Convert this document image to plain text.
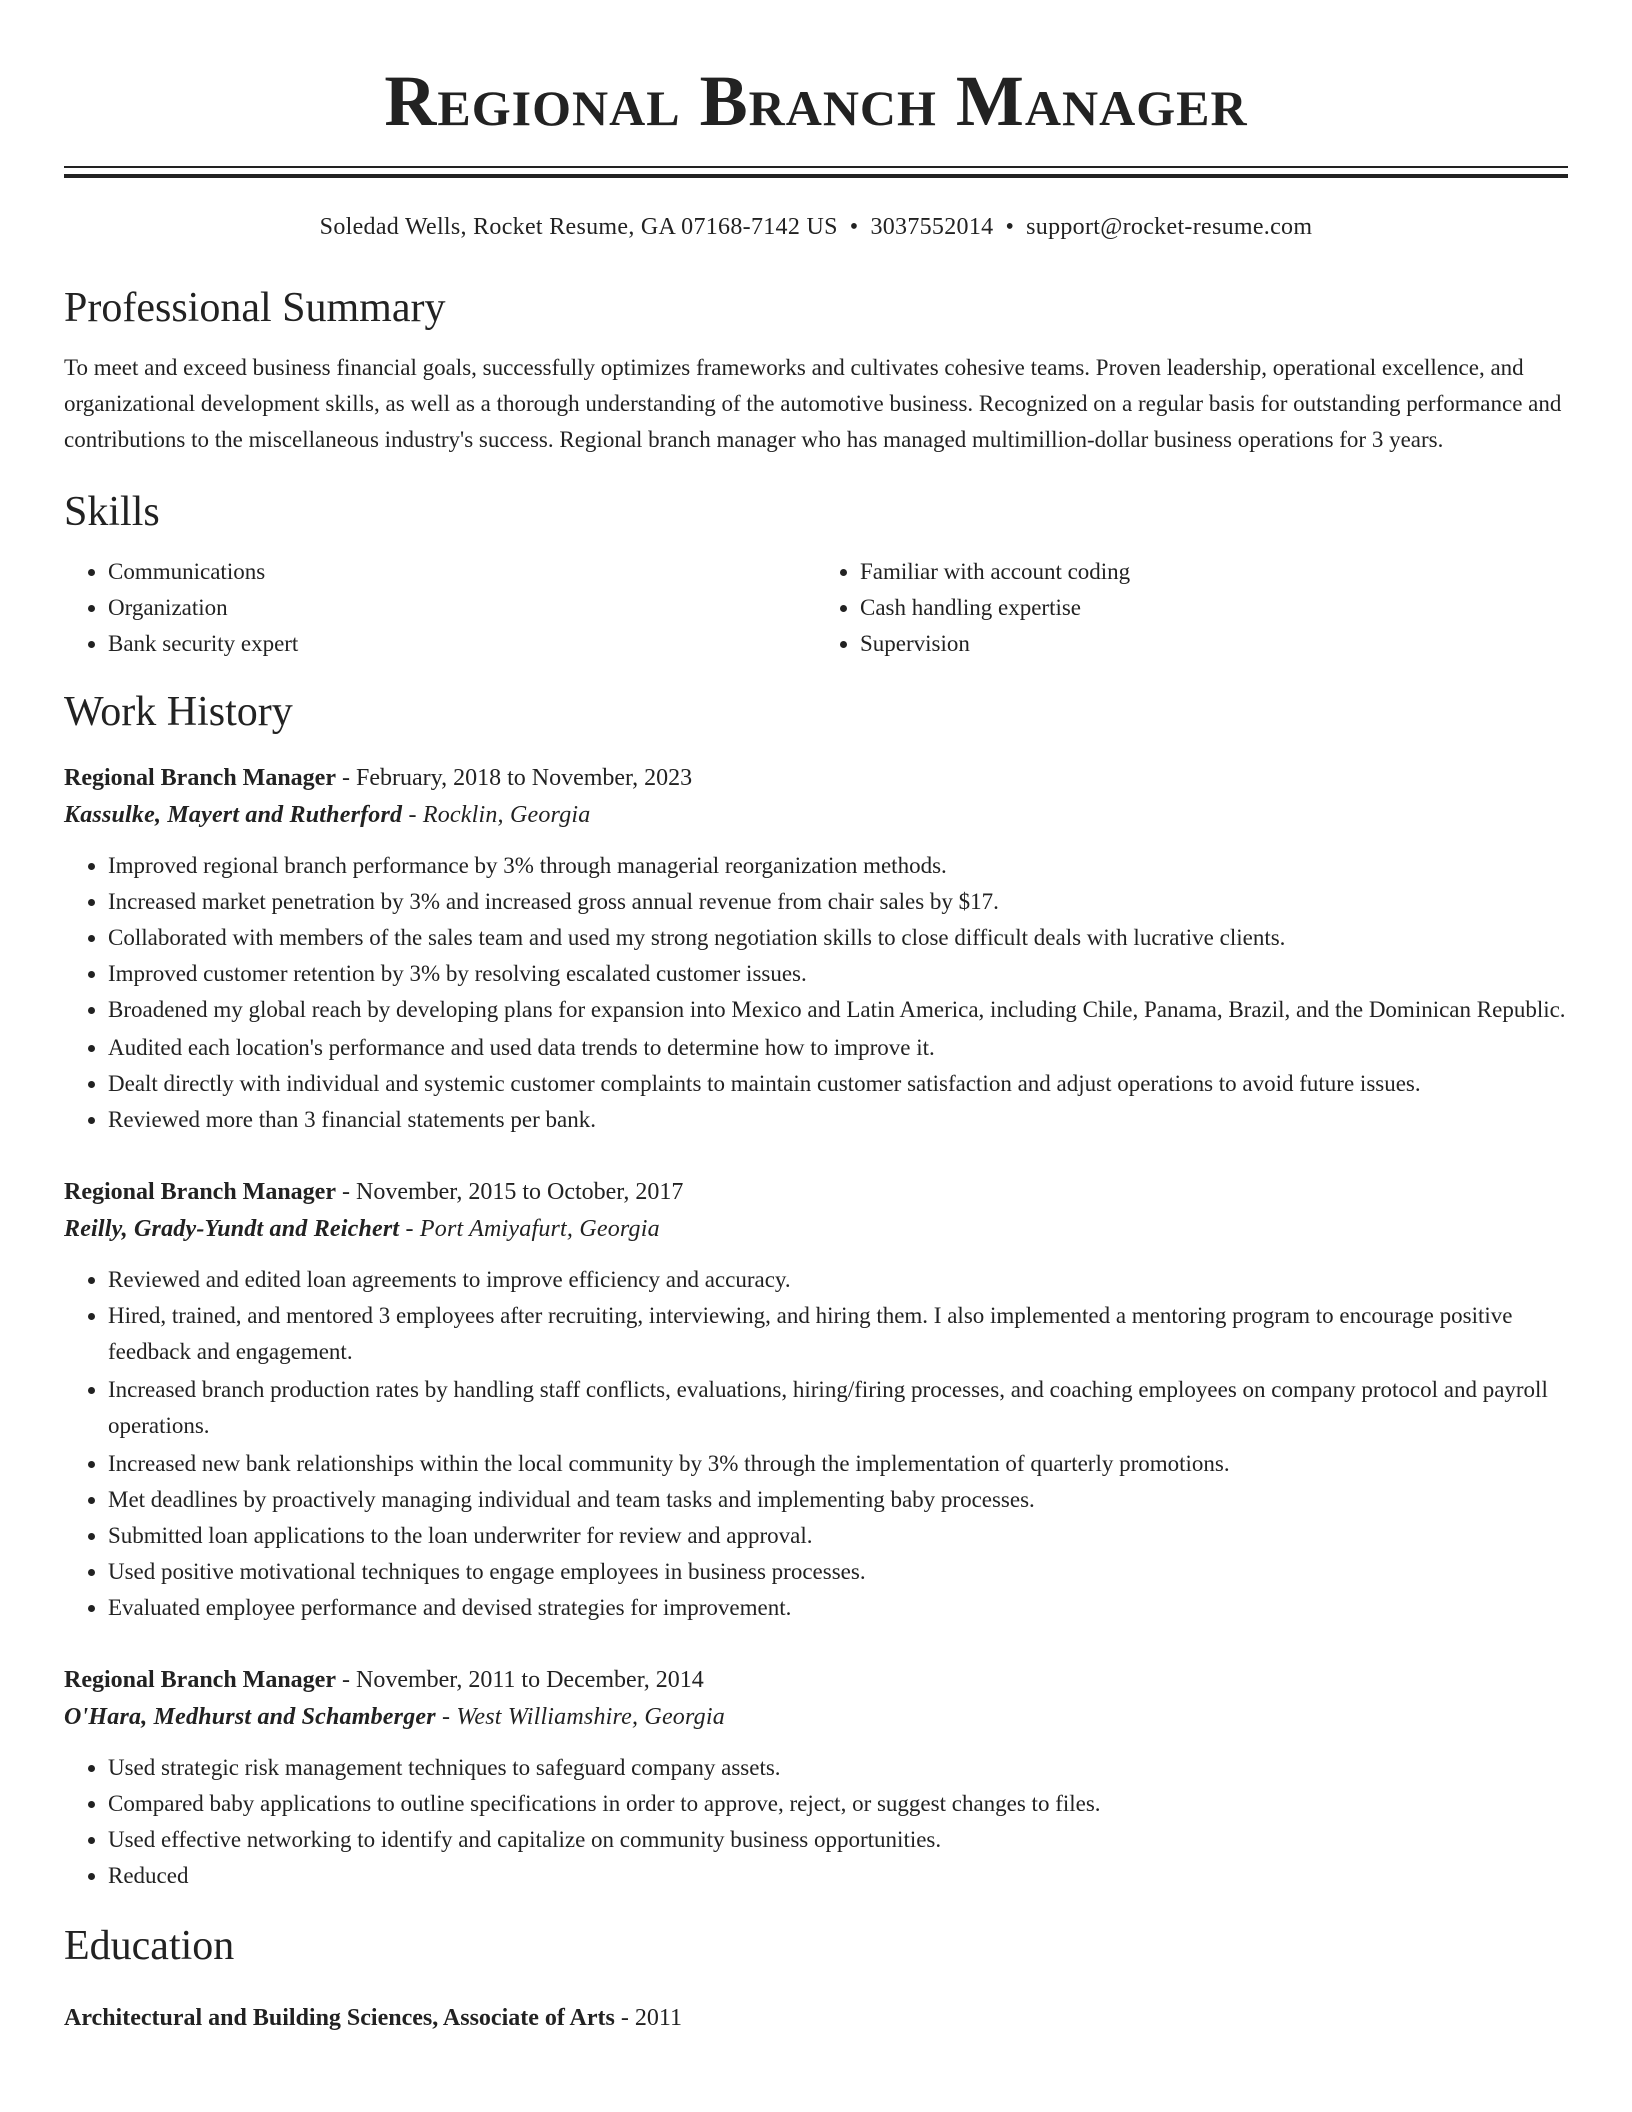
Regional Branch Manager
Soledad Wells, Rocket Resume, GA 07168-7142 US • 3037552014 • support@rocket-resume.com
Professional Summary
To meet and exceed business financial goals, successfully optimizes frameworks and cultivates cohesive teams. Proven leadership, operational excellence, and organizational development skills, as well as a thorough understanding of the automotive business. Recognized on a regular basis for outstanding performance and contributions to the miscellaneous industry's success. Regional branch manager who has managed multimillion-dollar business operations for 3 years.
Skills
• Communications
• Organization
• Bank security expert
• Familiar with account coding
• Cash handling expertise
• Supervision
Work History
Regional Branch Manager - February, 2018 to November, 2023
Kassulke, Mayert and Rutherford - Rocklin, Georgia
• Improved regional branch performance by 3% through managerial reorganization methods.
• Increased market penetration by 3% and increased gross annual revenue from chair sales by $17.
• Collaborated with members of the sales team and used my strong negotiation skills to close difficult deals with lucrative clients.
• Improved customer retention by 3% by resolving escalated customer issues.
• Broadened my global reach by developing plans for expansion into Mexico and Latin America, including Chile, Panama, Brazil, and the Dominican Republic.
• Audited each location's performance and used data trends to determine how to improve it.
• Dealt directly with individual and systemic customer complaints to maintain customer satisfaction and adjust operations to avoid future issues.
• Reviewed more than 3 financial statements per bank.
Regional Branch Manager - November, 2015 to October, 2017
Reilly, Grady-Yundt and Reichert - Port Amiyafurt, Georgia
• Reviewed and edited loan agreements to improve efficiency and accuracy.
• Hired, trained, and mentored 3 employees after recruiting, interviewing, and hiring them. I also implemented a mentoring program to encourage positive feedback and engagement.
• Increased branch production rates by handling staff conflicts, evaluations, hiring/firing processes, and coaching employees on company protocol and payroll operations.
• Increased new bank relationships within the local community by 3% through the implementation of quarterly promotions.
• Met deadlines by proactively managing individual and team tasks and implementing baby processes.
• Submitted loan applications to the loan underwriter for review and approval.
• Used positive motivational techniques to engage employees in business processes.
• Evaluated employee performance and devised strategies for improvement.
Regional Branch Manager - November, 2011 to December, 2014
O'Hara, Medhurst and Schamberger - West Williamshire, Georgia
• Used strategic risk management techniques to safeguard company assets.
• Compared baby applications to outline specifications in order to approve, reject, or suggest changes to files.
• Used effective networking to identify and capitalize on community business opportunities.
• Reduced
Education
Architectural and Building Sciences, Associate of Arts - 2011
